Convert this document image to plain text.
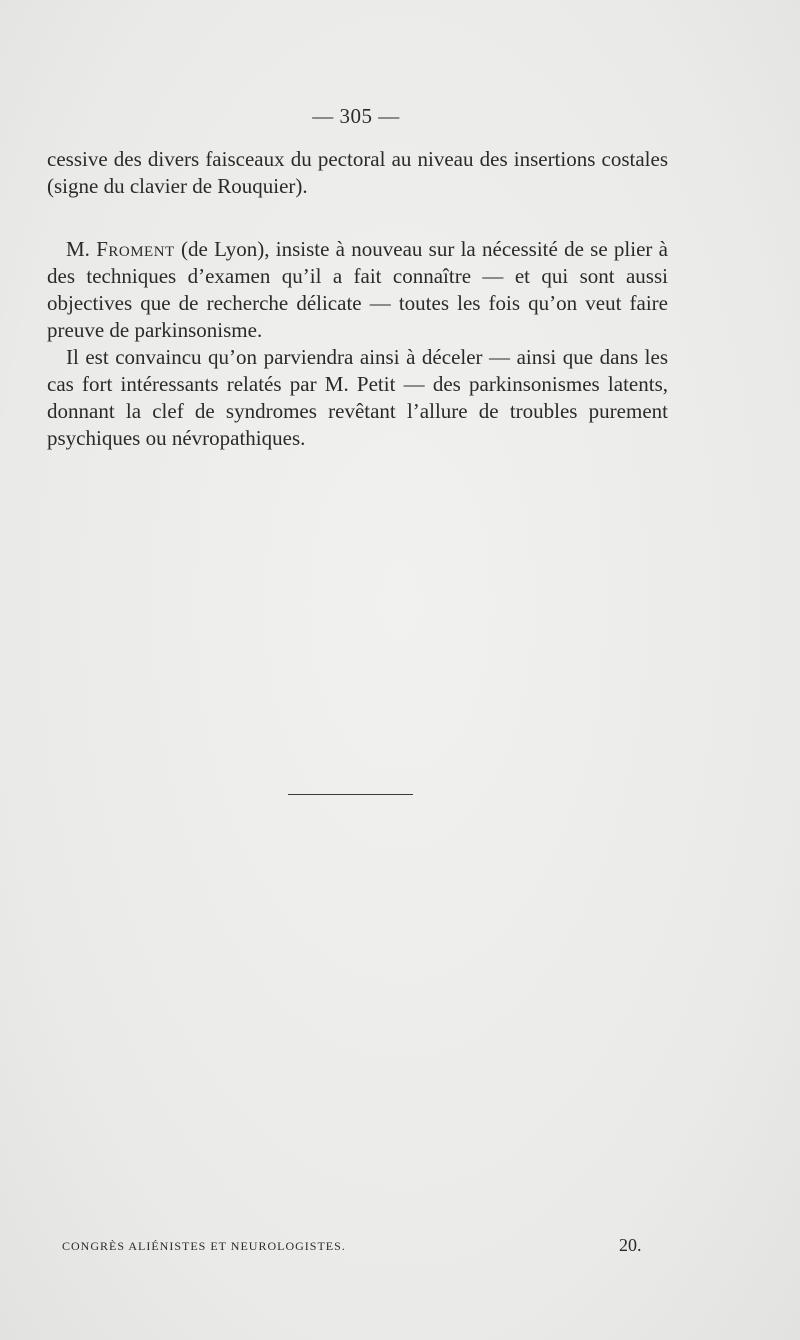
— 305 —

cessive des divers faisceaux du pectoral au niveau des insertions costales (signe du clavier de Rouquier).

M. Froment (de Lyon), insiste à nouveau sur la nécessité de se plier à des techniques d’examen qu’il a fait connaître — et qui sont aussi objectives que de recherche délicate — toutes les fois qu’on veut faire preuve de parkinsonisme.

Il est convaincu qu’on parviendra ainsi à déceler — ainsi que dans les cas fort intéressants relatés par M. Petit — des parkinsonismes latents, donnant la clef de syndromes revêtant l’allure de troubles purement psychiques ou névropathiques.

CONGRÈS ALIÉNISTES ET NEUROLOGISTES.	20.
